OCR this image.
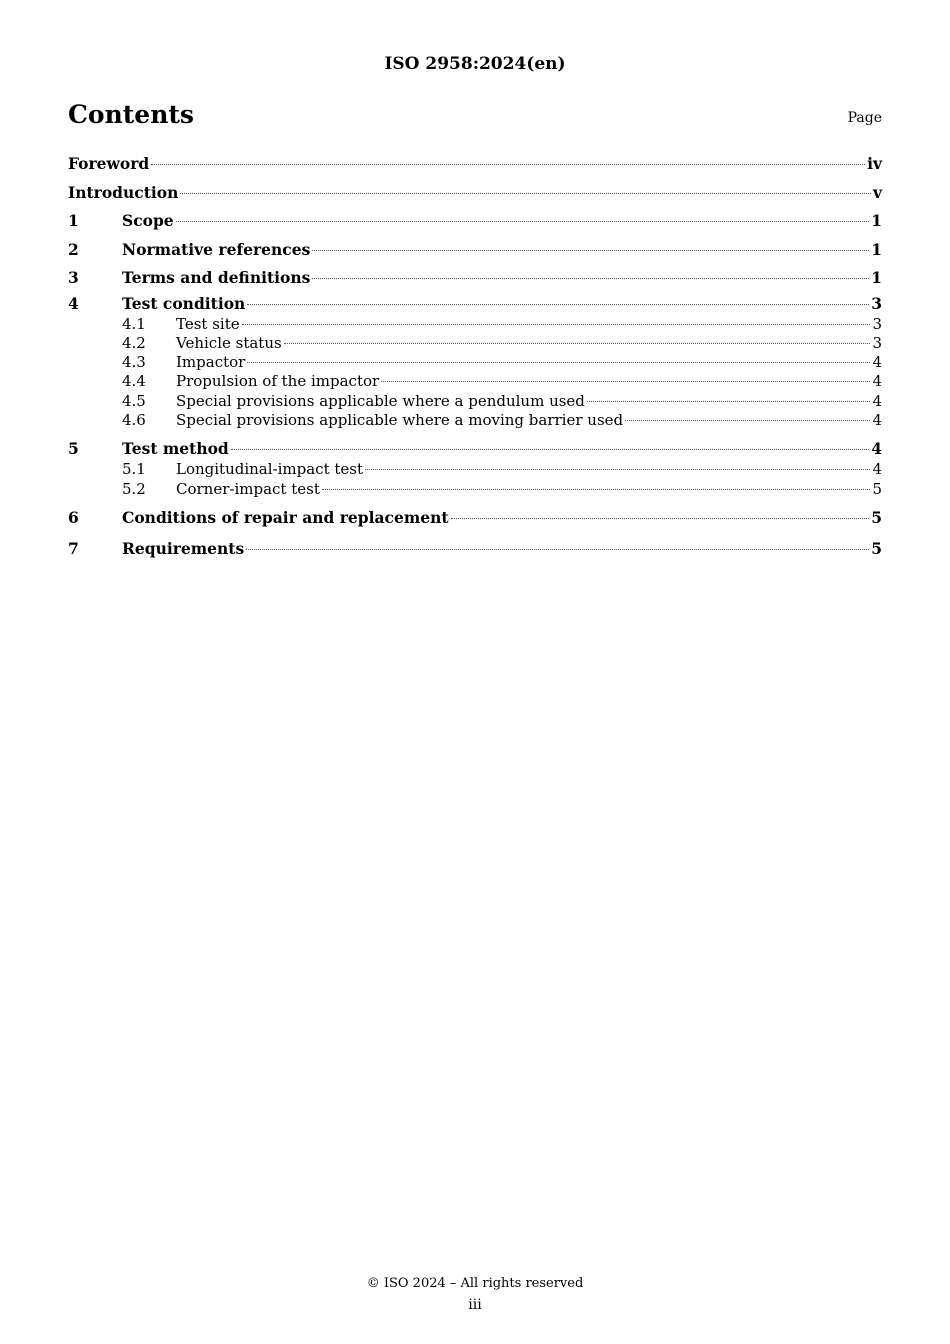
ISO 2958:2024(en)
Contents	Page
Foreword	iv
Introduction	v
1	Scope	1
2	Normative references	1
3	Terms and definitions	1
4	Test condition	3
4.1	Test site	3
4.2	Vehicle status	3
4.3	Impactor	4
4.4	Propulsion of the impactor	4
4.5	Special provisions applicable where a pendulum used	4
4.6	Special provisions applicable where a moving barrier used	4
5	Test method	4
5.1	Longitudinal-impact test	4
5.2	Corner-impact test	5
6	Conditions of repair and replacement	5
7	Requirements	5
© ISO 2024 – All rights reserved
iii
